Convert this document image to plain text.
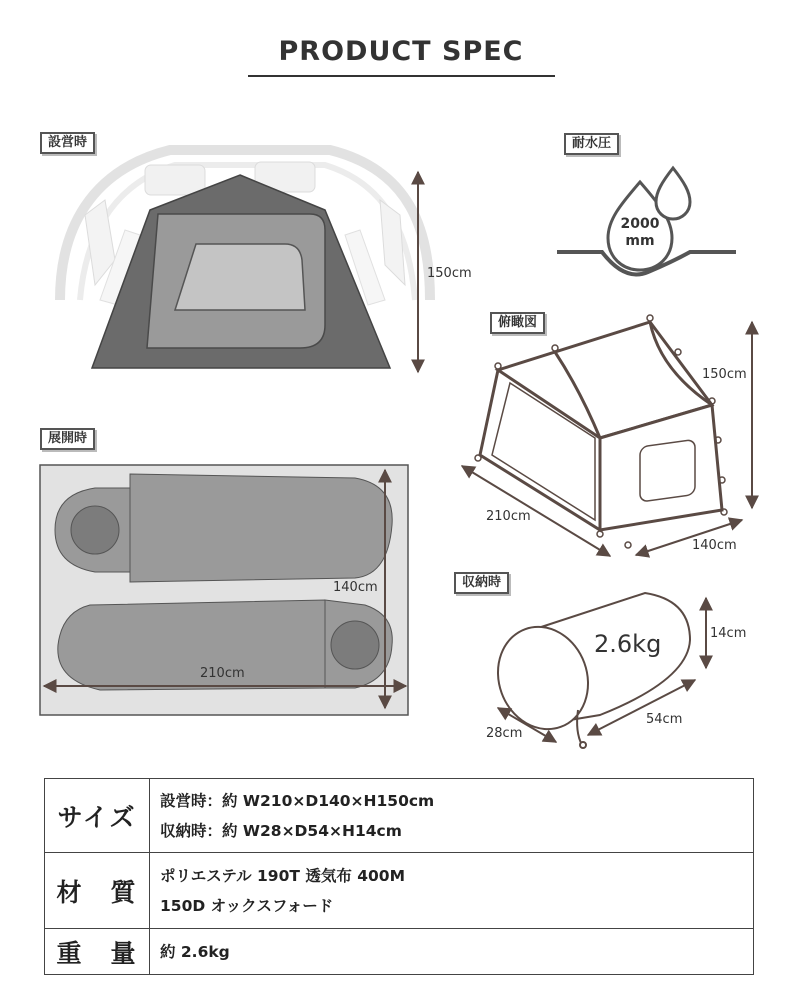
PRODUCT SPEC
設営時	耐水圧
俯瞰図
展開時
収納時
2000
mm
150cm
150cm
210cm
140cm
140cm
210cm
14cm
54cm
28cm
2.6kg
サイズ	設営時：約 W210×D140×H150cm
収納時：約 W28×D54×H14cm

材　質	ポリエステル 190T 透気布 400M
150D オックスフォード

重　量	約 2.6kg
